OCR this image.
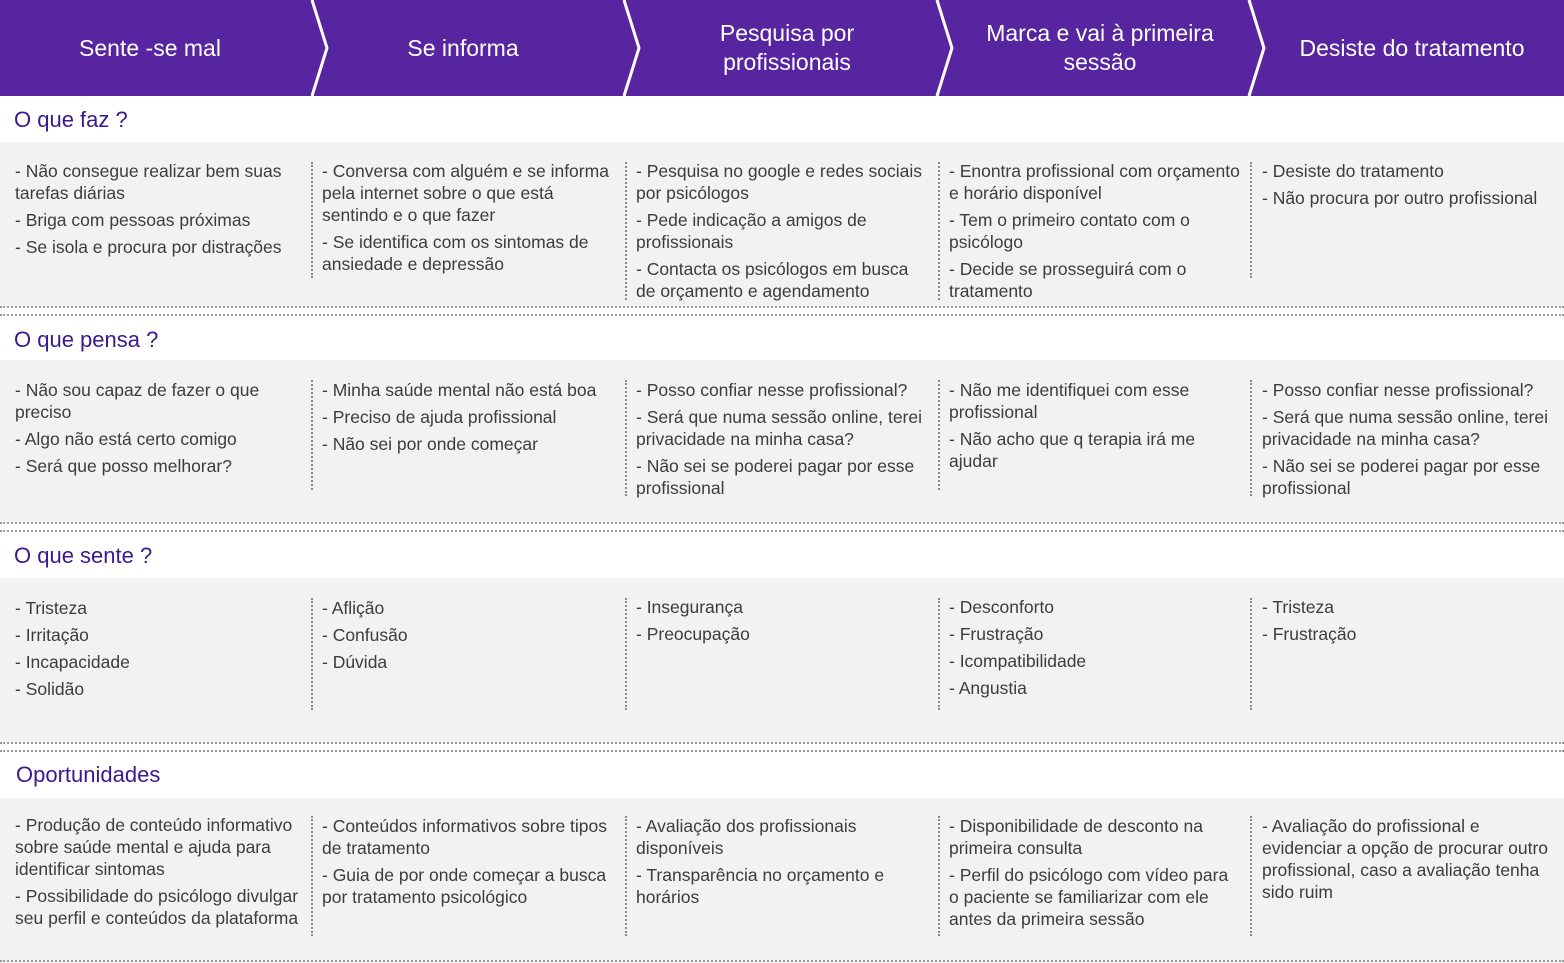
Sente -se mal	Se informa
Pesquisa por profissionais
Marca e vai à primeira sessão
Desiste do tratamento
O que faz ?

- Não consegue realizar bem suas tarefas diárias

- Briga com pessoas próximas

- Se isola e procura por distrações

- Conversa com alguém e se informa pela internet sobre o que está sentindo e o que fazer

- Se identifica com os sintomas de ansiedade e depressão

- Pesquisa no google e redes sociais por psicólogos

- Pede indicação a amigos de profissionais

- Contacta os psicólogos em busca de orçamento e agendamento

- Enontra profissional com orçamento e horário disponível

- Tem o primeiro contato com o psicólogo

- Decide se prosseguirá com o tratamento

- Desiste do tratamento

- Não procura por outro profissional

O que pensa ?

- Não sou capaz de fazer o que preciso

- Algo não está certo comigo

- Será que posso melhorar?

- Minha saúde mental não está boa

- Preciso de ajuda profissional

- Não sei por onde começar

- Posso confiar nesse profissional?

- Será que numa sessão online, terei privacidade na minha casa?

- Não sei se poderei pagar por esse profissional

- Não me identifiquei com esse profissional

- Não acho que q terapia irá me ajudar

- Posso confiar nesse profissional?

- Será que numa sessão online, terei privacidade na minha casa?

- Não sei se poderei pagar por esse profissional

O que sente ?

- Tristeza

- Irritação

- Incapacidade

- Solidão

- Aflição

- Confusão

- Dúvida

- Insegurança

- Preocupação

- Desconforto

- Frustração

- Icompatibilidade

- Angustia

- Tristeza

- Frustração

Oportunidades

- Produção de conteúdo informativo sobre saúde mental e ajuda para identificar sintomas

- Possibilidade do psicólogo divulgar seu perfil e conteúdos da plataforma

- Conteúdos informativos sobre tipos de tratamento

- Guia de por onde começar a busca por tratamento psicológico

- Avaliação dos profissionais disponíveis

- Transparência no orçamento e horários

- Disponibilidade de desconto na primeira consulta

- Perfil do psicólogo com vídeo para o paciente se familiarizar com ele antes da primeira sessão

- Avaliação do profissional e evidenciar a opção de procurar outro profissional, caso a avaliação tenha sido ruim
